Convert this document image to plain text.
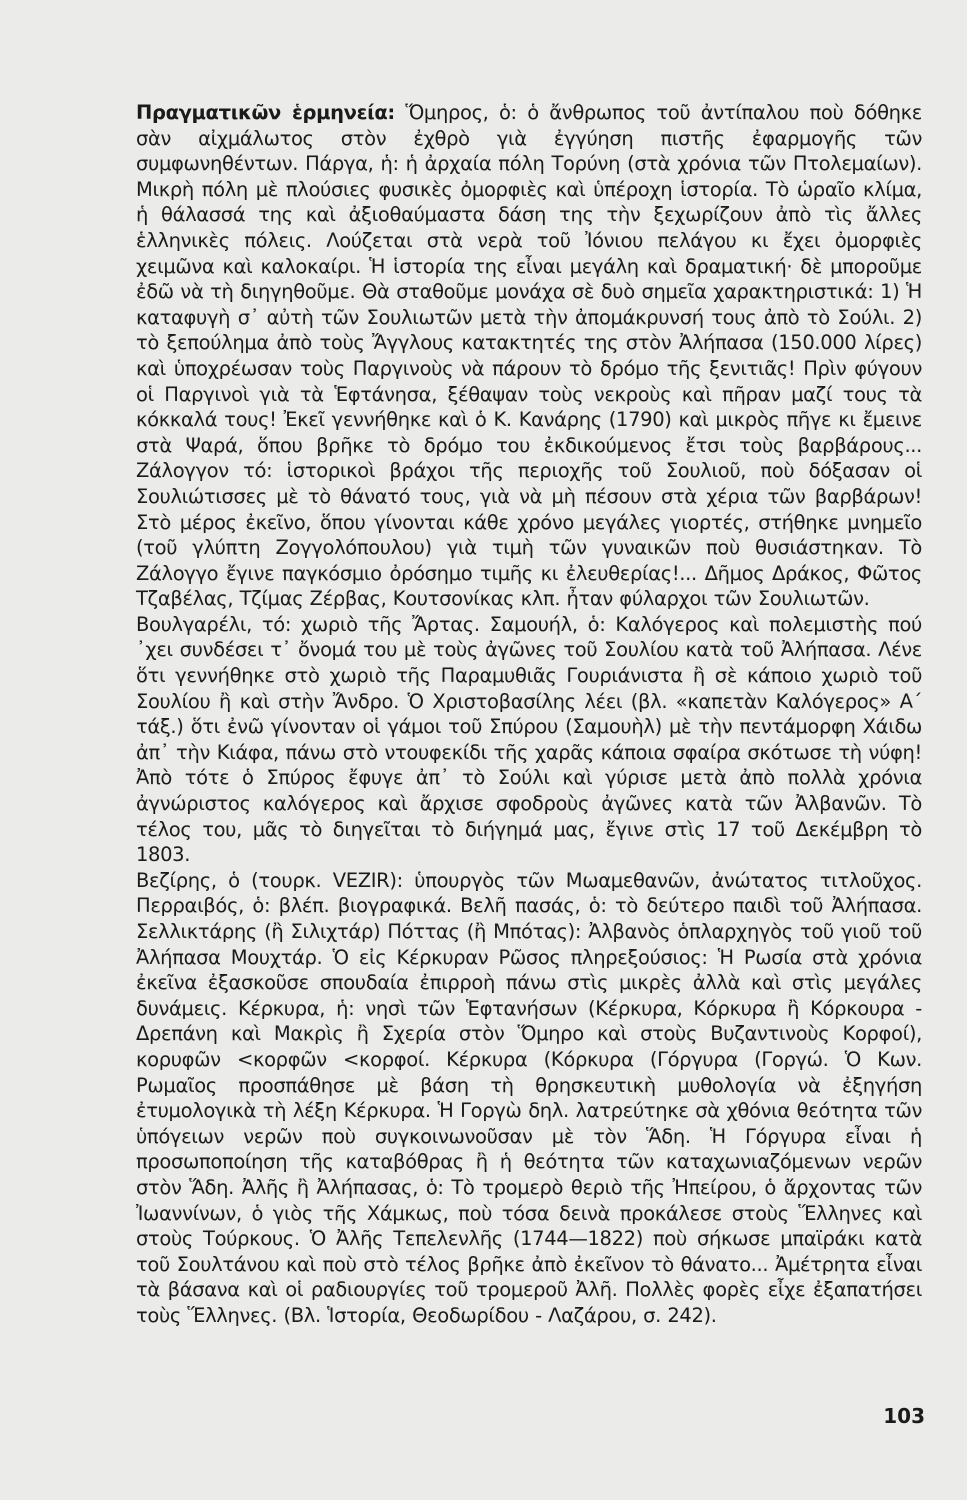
Πραγματικῶν ἑρμηνεία: Ὅμηρος, ὁ: ὁ ἄνθρωπος τοῦ ἀντίπαλου ποὺ δόθηκε σὰν αἰχμάλωτος στὸν ἐχθρὸ γιὰ ἐγγύηση πιστῆς ἐφαρμογῆς τῶν συμφωνηθέντων. Πάργα, ἡ: ἡ ἀρχαία πόλη Τορύνη (στὰ χρόνια τῶν Πτολεμαίων). Μικρὴ πόλη μὲ πλούσιες φυσικὲς ὀμορφιὲς καὶ ὑπέροχη ἱστορία. Τὸ ὡραῖο κλίμα, ἡ θάλασσά της καὶ ἀξιοθαύμαστα δάση της τὴν ξεχωρίζουν ἀπὸ τὶς ἄλλες ἑλληνικὲς πόλεις. Λούζεται στὰ νερὰ τοῦ Ἰόνιου πελάγου κι ἔχει ὀμορφιὲς χειμῶνα καὶ καλοκαίρι. Ἡ ἱστορία της εἶναι μεγάλη καὶ δραματική· δὲ μποροῦμε ἐδῶ νὰ τὴ διηγηθοῦμε. Θὰ σταθοῦμε μονάχα σὲ δυὸ σημεῖα χαρακτηριστικά: 1) Ἡ καταφυγὴ σ᾿ αὐτὴ τῶν Σουλιωτῶν μετὰ τὴν ἀπομάκρυνσή τους ἀπὸ τὸ Σούλι. 2) τὸ ξεπούλημα ἀπὸ τοὺς Ἄγγλους κατακτητές της στὸν Ἀλήπασα (150.000 λίρες) καὶ ὑποχρέωσαν τοὺς Παργινοὺς νὰ πάρουν τὸ δρόμο τῆς ξενιτιᾶς! Πρὶν φύγουν οἱ Παργινοὶ γιὰ τὰ Ἑφτάνησα, ξέθαψαν τοὺς νεκροὺς καὶ πῆραν μαζί τους τὰ κόκκαλά τους! Ἐκεῖ γεννήθηκε καὶ ὁ Κ. Κανάρης (1790) καὶ μικρὸς πῆγε κι ἔμεινε στὰ Ψαρά, ὅπου βρῆκε τὸ δρόμο του ἐκδικούμενος ἔτσι τοὺς βαρβάρους... Ζάλογγον τό: ἱστορικοὶ βράχοι τῆς περιοχῆς τοῦ Σουλιοῦ, ποὺ δόξασαν οἱ Σουλιώτισσες μὲ τὸ θάνατό τους, γιὰ νὰ μὴ πέσουν στὰ χέρια τῶν βαρβάρων! Στὸ μέρος ἐκεῖνο, ὅπου γίνονται κάθε χρόνο μεγάλες γιορτές, στήθηκε μνημεῖο (τοῦ γλύπτη Ζογγολόπουλου) γιὰ τιμὴ τῶν γυναικῶν ποὺ θυσιάστηκαν. Τὸ Ζάλογγο ἔγινε παγκόσμιο ὀρόσημο τιμῆς κι ἐλευθερίας!... Δῆμος Δράκος, Φῶτος Τζαβέλας, Τζίμας Ζέρβας, Κουτσονίκας κλπ. ἦταν φύλαρχοι τῶν Σουλιωτῶν.

Βουλγαρέλι, τό: χωριὸ τῆς Ἄρτας. Σαμουήλ, ὁ: Καλόγερος καὶ πολεμιστὴς πού ᾿χει συνδέσει τ᾿ ὄνομά του μὲ τοὺς ἀγῶνες τοῦ Σουλίου κατὰ τοῦ Ἀλήπασα. Λένε ὅτι γεννήθηκε στὸ χωριὸ τῆς Παραμυθιᾶς Γουριάνιστα ἢ σὲ κάποιο χωριὸ τοῦ Σουλίου ἢ καὶ στὴν Ἄνδρο. Ὁ Χριστοβασίλης λέει (βλ. «καπετὰν Καλόγερος» Α΄ τάξ.) ὅτι ἐνῶ γίνονταν οἱ γάμοι τοῦ Σπύρου (Σαμουὴλ) μὲ τὴν πεντάμορφη Χάιδω ἀπ᾿ τὴν Κιάφα, πάνω στὸ ντουφεκίδι τῆς χαρᾶς κάποια σφαίρα σκότωσε τὴ νύφη! Ἀπὸ τότε ὁ Σπύρος ἔφυγε ἀπ᾿ τὸ Σούλι καὶ γύρισε μετὰ ἀπὸ πολλὰ χρόνια ἀγνώριστος καλόγερος καὶ ἄρχισε σφοδροὺς ἀγῶνες κατὰ τῶν Ἀλβανῶν. Τὸ τέλος του, μᾶς τὸ διηγεῖται τὸ διήγημά μας, ἔγινε στὶς 17 τοῦ Δεκέμβρη τὸ 1803.

Βεζίρης, ὁ (τουρκ. VEZIR): ὑπουργὸς τῶν Μωαμεθανῶν, ἀνώτατος τιτλοῦχος. Περραιβός, ὁ: βλέπ. βιογραφικά. Βελῆ πασάς, ὁ: τὸ δεύτερο παιδὶ τοῦ Ἀλήπασα. Σελλικτάρης (ἢ Σιλιχτάρ) Πόττας (ἢ Μπότας): Ἀλβανὸς ὁπλαρχηγὸς τοῦ γιοῦ τοῦ Ἀλήπασα Μουχτάρ. Ὁ εἰς Κέρκυραν Ρῶσος πληρεξούσιος: Ἡ Ρωσία στὰ χρόνια ἐκεῖνα ἐξασκοῦσε σπουδαία ἐπιρροὴ πάνω στὶς μικρὲς ἀλλὰ καὶ στὶς μεγάλες δυνάμεις. Κέρκυρα, ἡ: νησὶ τῶν Ἑφτανήσων (Κέρκυρα, Κόρκυρα ἢ Κόρκουρα - Δρεπάνη καὶ Μακρὶς ἢ Σχερία στὸν Ὅμηρο καὶ στοὺς Βυζαντινοὺς Κορφοί), κορυφῶν <κορφῶν <κορφοί. Κέρκυρα (Κόρκυρα (Γόργυρα (Γοργώ. Ὁ Κων. Ρωμαῖος προσπάθησε μὲ βάση τὴ θρησκευτικὴ μυθολογία νὰ ἐξηγήση ἐτυμολογικὰ τὴ λέξη Κέρκυρα. Ἡ Γοργὼ δηλ. λατρεύτηκε σὰ χθόνια θεότητα τῶν ὑπόγειων νερῶν ποὺ συγκοινωνοῦσαν μὲ τὸν Ἅδη. Ἡ Γόργυρα εἶναι ἡ προσωποποίηση τῆς καταβόθρας ἢ ἡ θεότητα τῶν καταχωνιαζόμενων νερῶν στὸν Ἅδη. Ἀλῆς ἢ Ἀλήπασας, ὁ: Τὸ τρομερὸ θεριὸ τῆς Ἠπείρου, ὁ ἄρχοντας τῶν Ἰωαννίνων, ὁ γιὸς τῆς Χάμκως, ποὺ τόσα δεινὰ προκάλεσε στοὺς Ἕλληνες καὶ στοὺς Τούρκους. Ὁ Ἀλῆς Τεπελενλῆς (1744—1822) ποὺ σήκωσε μπαϊράκι κατὰ τοῦ Σουλτάνου καὶ ποὺ στὸ τέλος βρῆκε ἀπὸ ἐκεῖνον τὸ θάνατο... Ἀμέτρητα εἶναι τὰ βάσανα καὶ οἱ ραδιουργίες τοῦ τρομεροῦ Ἀλῆ. Πολλὲς φορὲς εἶχε ἐξαπατήσει τοὺς Ἕλληνες. (Βλ. Ἱστορία, Θεοδωρίδου - Λαζάρου, σ. 242).

103
